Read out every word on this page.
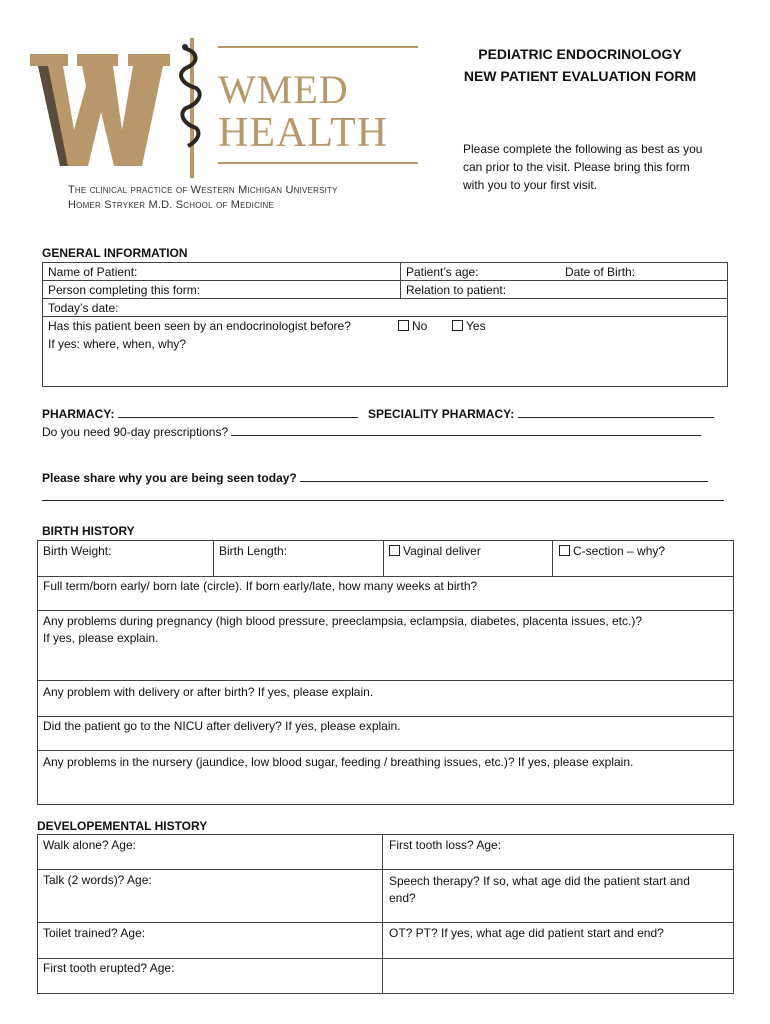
WMED
HEALTH
The clinical practice of Western Michigan University
Homer Stryker M.D. School of Medicine
PEDIATRIC ENDOCRINOLOGY
NEW PATIENT EVALUATION FORM
Please complete the following as best as you
can prior to the visit. Please bring this form
with you to your first visit.
GENERAL INFORMATION
Name of Patient:	Patient’s age:	Date of Birth:
Person completing this form:	Relation to patient:
Today’s date:
Has this patient been seen by an endocrinologist before?	No	Yes
If yes: where, when, why?
PHARMACY:	SPECIALITY PHARMACY:
Do you need 90-day prescriptions?
Please share why you are being seen today?
BIRTH HISTORY
Birth Weight:	Birth Length:	Vaginal deliver	C-section – why?
Full term/born early/ born late (circle). If born early/late, how many weeks at birth?
Any problems during pregnancy (high blood pressure, preeclampsia, eclampsia, diabetes, placenta issues, etc.)?
If yes, please explain.
Any problem with delivery or after birth? If yes, please explain.
Did the patient go to the NICU after delivery? If yes, please explain.
Any problems in the nursery (jaundice, low blood sugar, feeding / breathing issues, etc.)? If yes, please explain.
DEVELOPEMENTAL HISTORY
Walk alone? Age:	First tooth loss? Age:
Talk (2 words)? Age:	Speech therapy? If so, what age did the patient start and end?
Toilet trained? Age:	OT? PT? If yes, what age did patient start and end?
First tooth erupted? Age:
